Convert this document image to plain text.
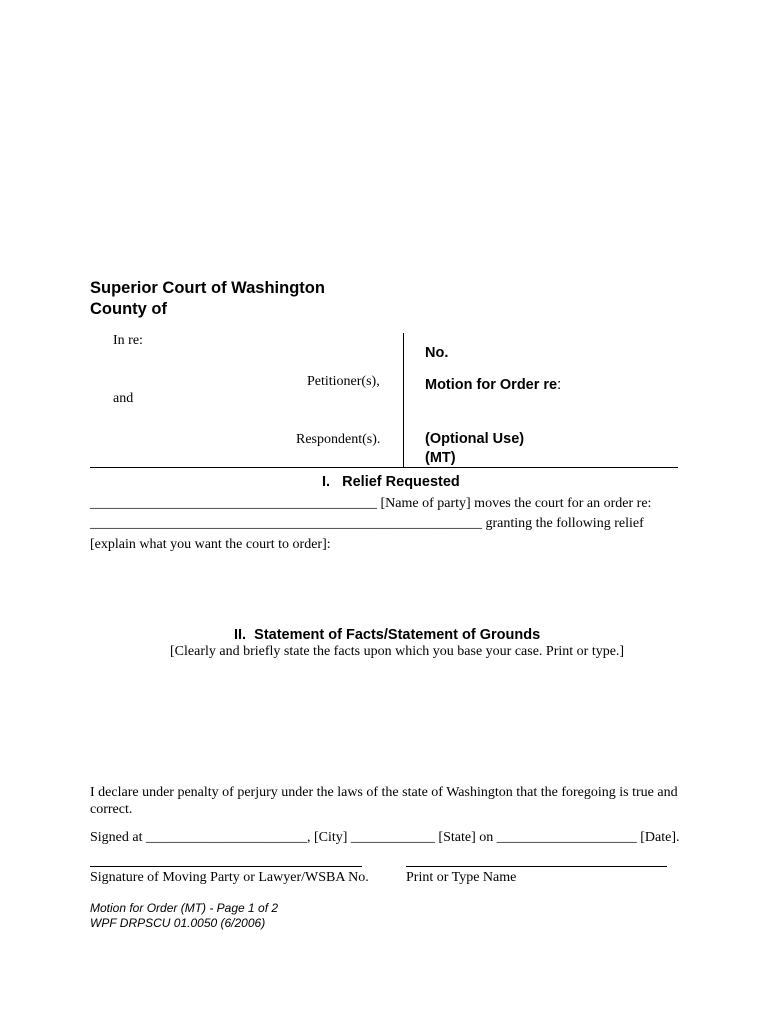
Superior Court of Washington
County of
In re:
Petitioner(s),
and
Respondent(s).
No.
Motion for Order re:
(Optional Use)
(MT)
I.   Relief Requested
_________________________________________ [Name of party] moves the court for an order re:
________________________________________________________ granting the following relief
[explain what you want the court to order]:
II.  Statement of Facts/Statement of Grounds
[Clearly and briefly state the facts upon which you base your case. Print or type.]
I declare under penalty of perjury under the laws of the state of Washington that the foregoing is true and
correct.
Signed at _______________________, [City] ____________ [State] on ____________________ [Date].
Signature of Moving Party or Lawyer/WSBA No.	Print or Type Name
Motion for Order (MT) - Page 1 of 2
WPF DRPSCU 01.0050 (6/2006)
